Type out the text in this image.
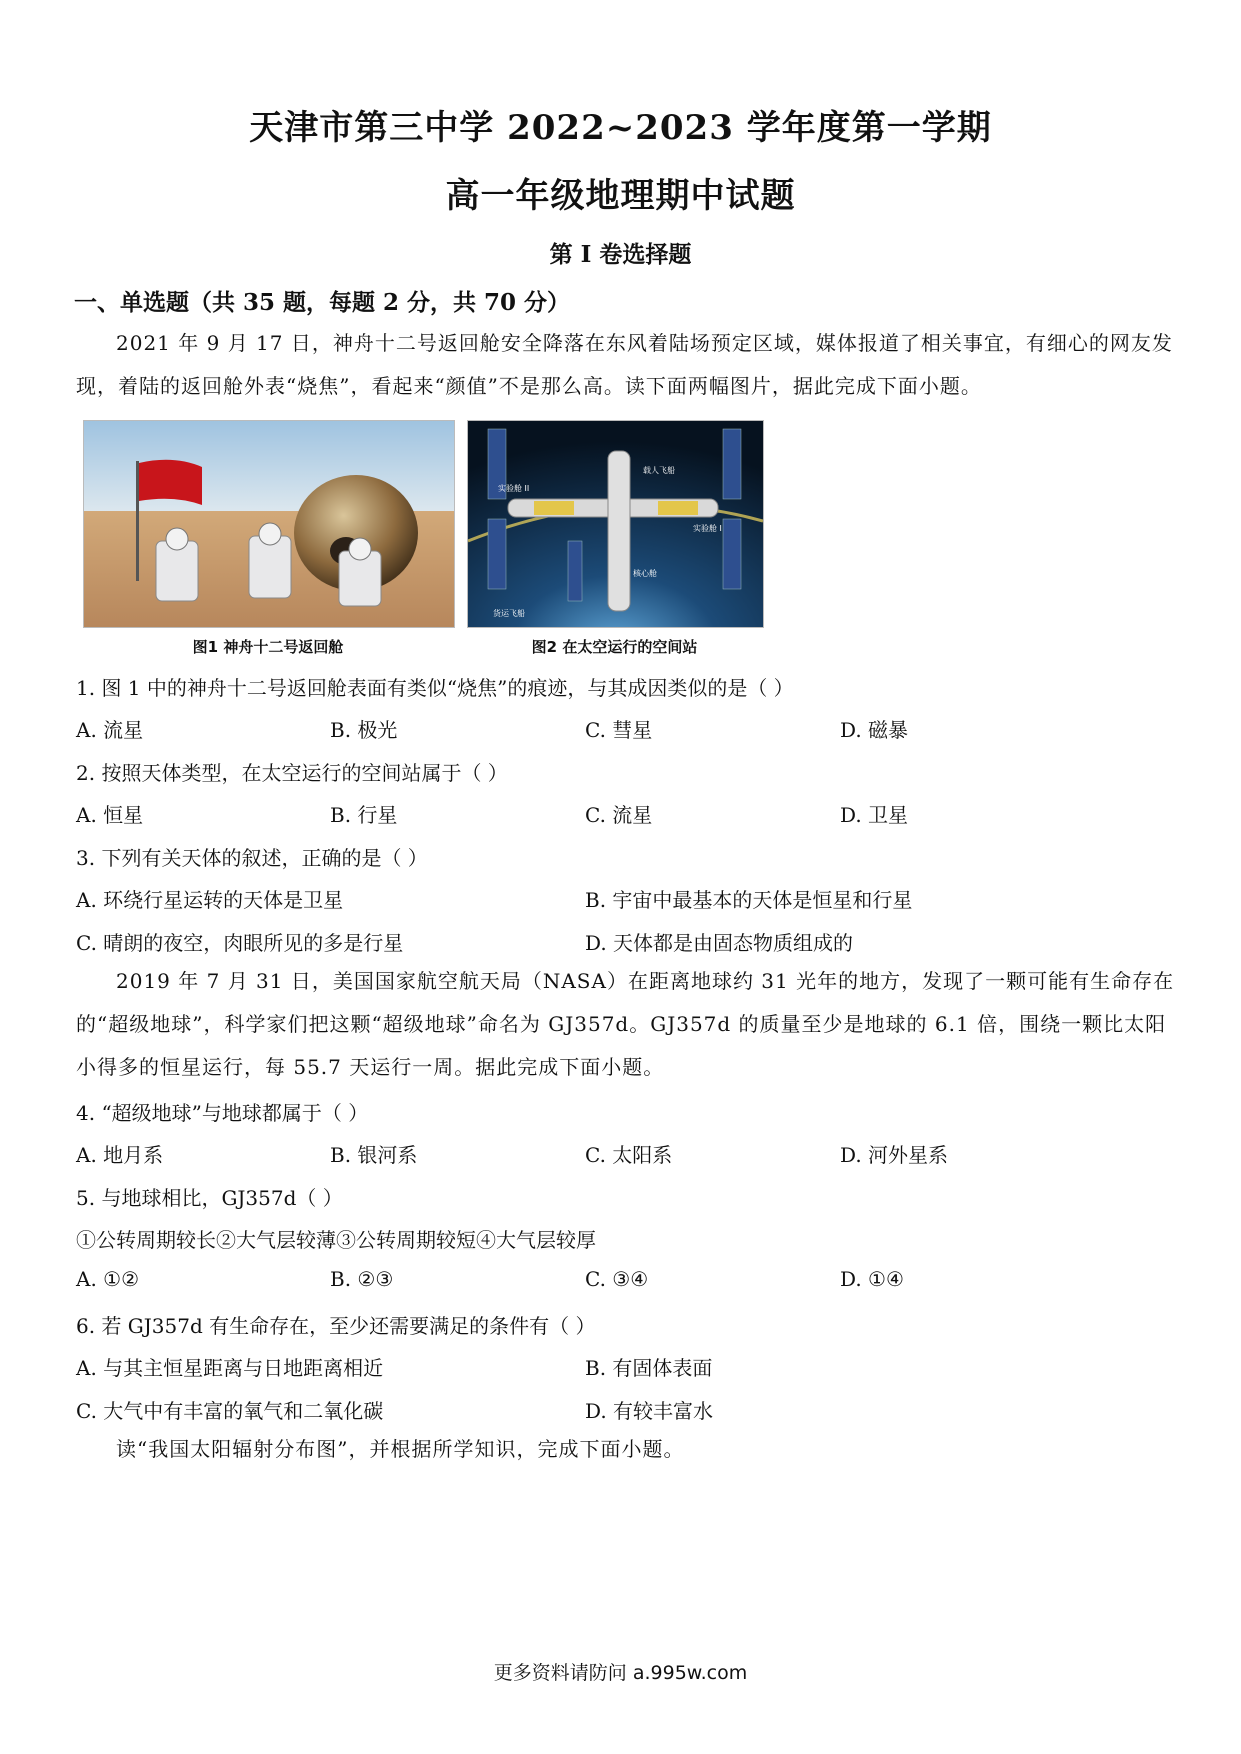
天津市第三中学 2022~2023 学年度第一学期
高一年级地理期中试题
第 I 卷选择题
一、单选题（共 35 题，每题 2 分，共 70 分）
2021 年 9 月 17 日，神舟十二号返回舱安全降落在东风着陆场预定区域，媒体报道了相关事宜，有细心的网友发现，着陆的返回舱外表“烧焦”，看起来“颜值”不是那么高。读下面两幅图片，据此完成下面小题。
实验舱 II
载人飞船
实验舱 I
核心舱
货运飞船
图1 神舟十二号返回舱	图2 在太空运行的空间站
1. 图 1 中的神舟十二号返回舱表面有类似“烧焦”的痕迹，与其成因类似的是（ ）
A. 流星	B. 极光	C. 彗星	D. 磁暴
2. 按照天体类型，在太空运行的空间站属于（ ）
A. 恒星	B. 行星	C. 流星	D. 卫星
3. 下列有关天体的叙述，正确的是（ ）
A. 环绕行星运转的天体是卫星	B. 宇宙中最基本的天体是恒星和行星
C. 晴朗的夜空，肉眼所见的多是行星	D. 天体都是由固态物质组成的
2019 年 7 月 31 日，美国国家航空航天局（NASA）在距离地球约 31 光年的地方，发现了一颗可能有生命存在的“超级地球”，科学家们把这颗“超级地球”命名为 GJ357d。GJ357d 的质量至少是地球的 6.1 倍，围绕一颗比太阳小得多的恒星运行，每 55.7 天运行一周。据此完成下面小题。
4. “超级地球”与地球都属于（ ）
A. 地月系	B. 银河系	C. 太阳系	D. 河外星系
5. 与地球相比，GJ357d（ ）
①公转周期较长②大气层较薄③公转周期较短④大气层较厚
A. ①②	B. ②③	C. ③④	D. ①④
6. 若 GJ357d 有生命存在，至少还需要满足的条件有（ ）
A. 与其主恒星距离与日地距离相近	B. 有固体表面
C. 大气中有丰富的氧气和二氧化碳	D. 有较丰富水
读“我国太阳辐射分布图”，并根据所学知识，完成下面小题。
更多资料请防问 a.995w.com
